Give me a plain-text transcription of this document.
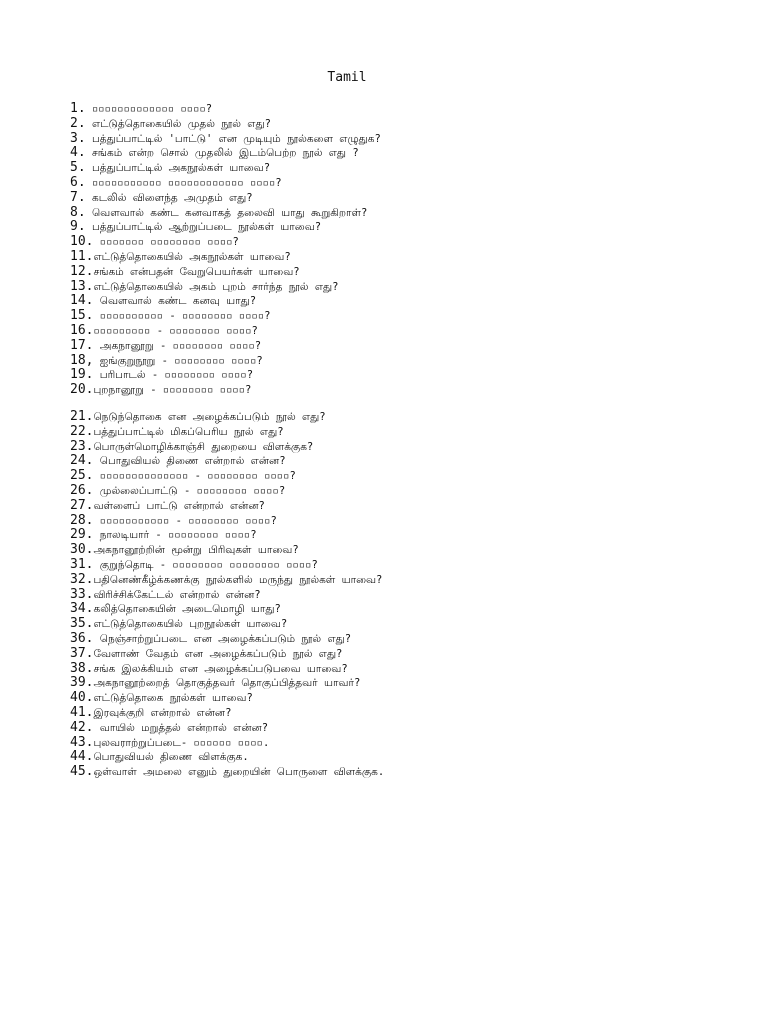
Tamil
1. ▫▫▫▫▫▫▫▫▫▫▫▫▫ ▫▫▫▫?
2. எட்டுத்தொகையில் முதல் நூல் எது?
3. பத்துப்பாட்டில் 'பாட்டு' என முடியும் நூல்களை எழுதுக?
4. சங்கம் என்ற சொல் முதலில் இடம்பெற்ற நூல் எது ?
5. பத்துப்பாட்டில் அகநூல்கள் யாவை?
6. ▫▫▫▫▫▫▫▫▫▫▫ ▫▫▫▫▫▫▫▫▫▫▫▫ ▫▫▫▫?
7. கடலில் விளைந்த அமுதம் எது?
8. வௌவால் கண்ட கனவாகத் தலைவி யாது கூறுகிறாள்?
9. பத்துப்பாட்டில் ஆற்றுப்படை நூல்கள் யாவை?
10. ▫▫▫▫▫▫▫ ▫▫▫▫▫▫▫▫ ▫▫▫▫?
11.எட்டுத்தொகையில் அகநூல்கள் யாவை?
12.சங்கம் என்பதன் வேறுபெயர்கள் யாவை?
13.எட்டுத்தொகையில் அகம் புறம் சார்ந்த நூல் எது?
14. வௌவால் கண்ட கனவு யாது?
15. ▫▫▫▫▫▫▫▫▫▫ - ▫▫▫▫▫▫▫▫ ▫▫▫▫?
16.▫▫▫▫▫▫▫▫▫ - ▫▫▫▫▫▫▫▫ ▫▫▫▫?
17. அகநானூறு - ▫▫▫▫▫▫▫▫ ▫▫▫▫?
18, ஐங்குறுநூறு - ▫▫▫▫▫▫▫▫ ▫▫▫▫?
19. பரிபாடல் - ▫▫▫▫▫▫▫▫ ▫▫▫▫?
20.புறநானூறு - ▫▫▫▫▫▫▫▫ ▫▫▫▫?
21.நெடுந்தொகை என அழைக்கப்படும் நூல் எது?
22.பத்துப்பாட்டில் மிகப்பெரிய நூல் எது?
23.பொருள்மொழிக்காஞ்சி துறையை விளக்குக?
24. பொதுவியல் திணை என்றால் என்ன?
25. ▫▫▫▫▫▫▫▫▫▫▫▫▫▫ - ▫▫▫▫▫▫▫▫ ▫▫▫▫?
26. முல்லைப்பாட்டு - ▫▫▫▫▫▫▫▫ ▫▫▫▫?
27.வள்ளைப் பாட்டு என்றால் என்ன?
28. ▫▫▫▫▫▫▫▫▫▫▫ - ▫▫▫▫▫▫▫▫ ▫▫▫▫?
29. நாலடியார் - ▫▫▫▫▫▫▫▫ ▫▫▫▫?
30.அகநானூற்றின் மூன்று பிரிவுகள் யாவை?
31. குறுந்தொடி - ▫▫▫▫▫▫▫▫ ▫▫▫▫▫▫▫▫ ▫▫▫▫?
32.பதினெண்கீழ்க்கணக்கு நூல்களில் மருந்து நூல்கள் யாவை?
33.விரிச்சிக்கேட்டல் என்றால் என்ன?
34.கலித்தொகையின் அடைமொழி யாது?
35.எட்டுத்தொகையில் புறநூல்கள் யாவை?
36. நெஞ்சாற்றுப்படை என அழைக்கப்படும் நூல் எது?
37.வேளாண் வேதம் என அழைக்கப்படும் நூல் எது?
38.சங்க இலக்கியம் என அழைக்கப்படுபவை யாவை?
39.அகநானூற்றைத் தொகுத்தவர் தொகுப்பித்தவர் யாவர்?
40.எட்டுத்தொகை நூல்கள் யாவை?
41.இரவுக்குறி என்றால் என்ன?
42. வாயில் மறுத்தல் என்றால் என்ன?
43.புலவராற்றுப்படை- ▫▫▫▫▫▫ ▫▫▫▫.
44.பொதுவியல் திணை விளக்குக.
45.ஒள்வாள் அமலை எனும் துறையின் பொருளை விளக்குக.
